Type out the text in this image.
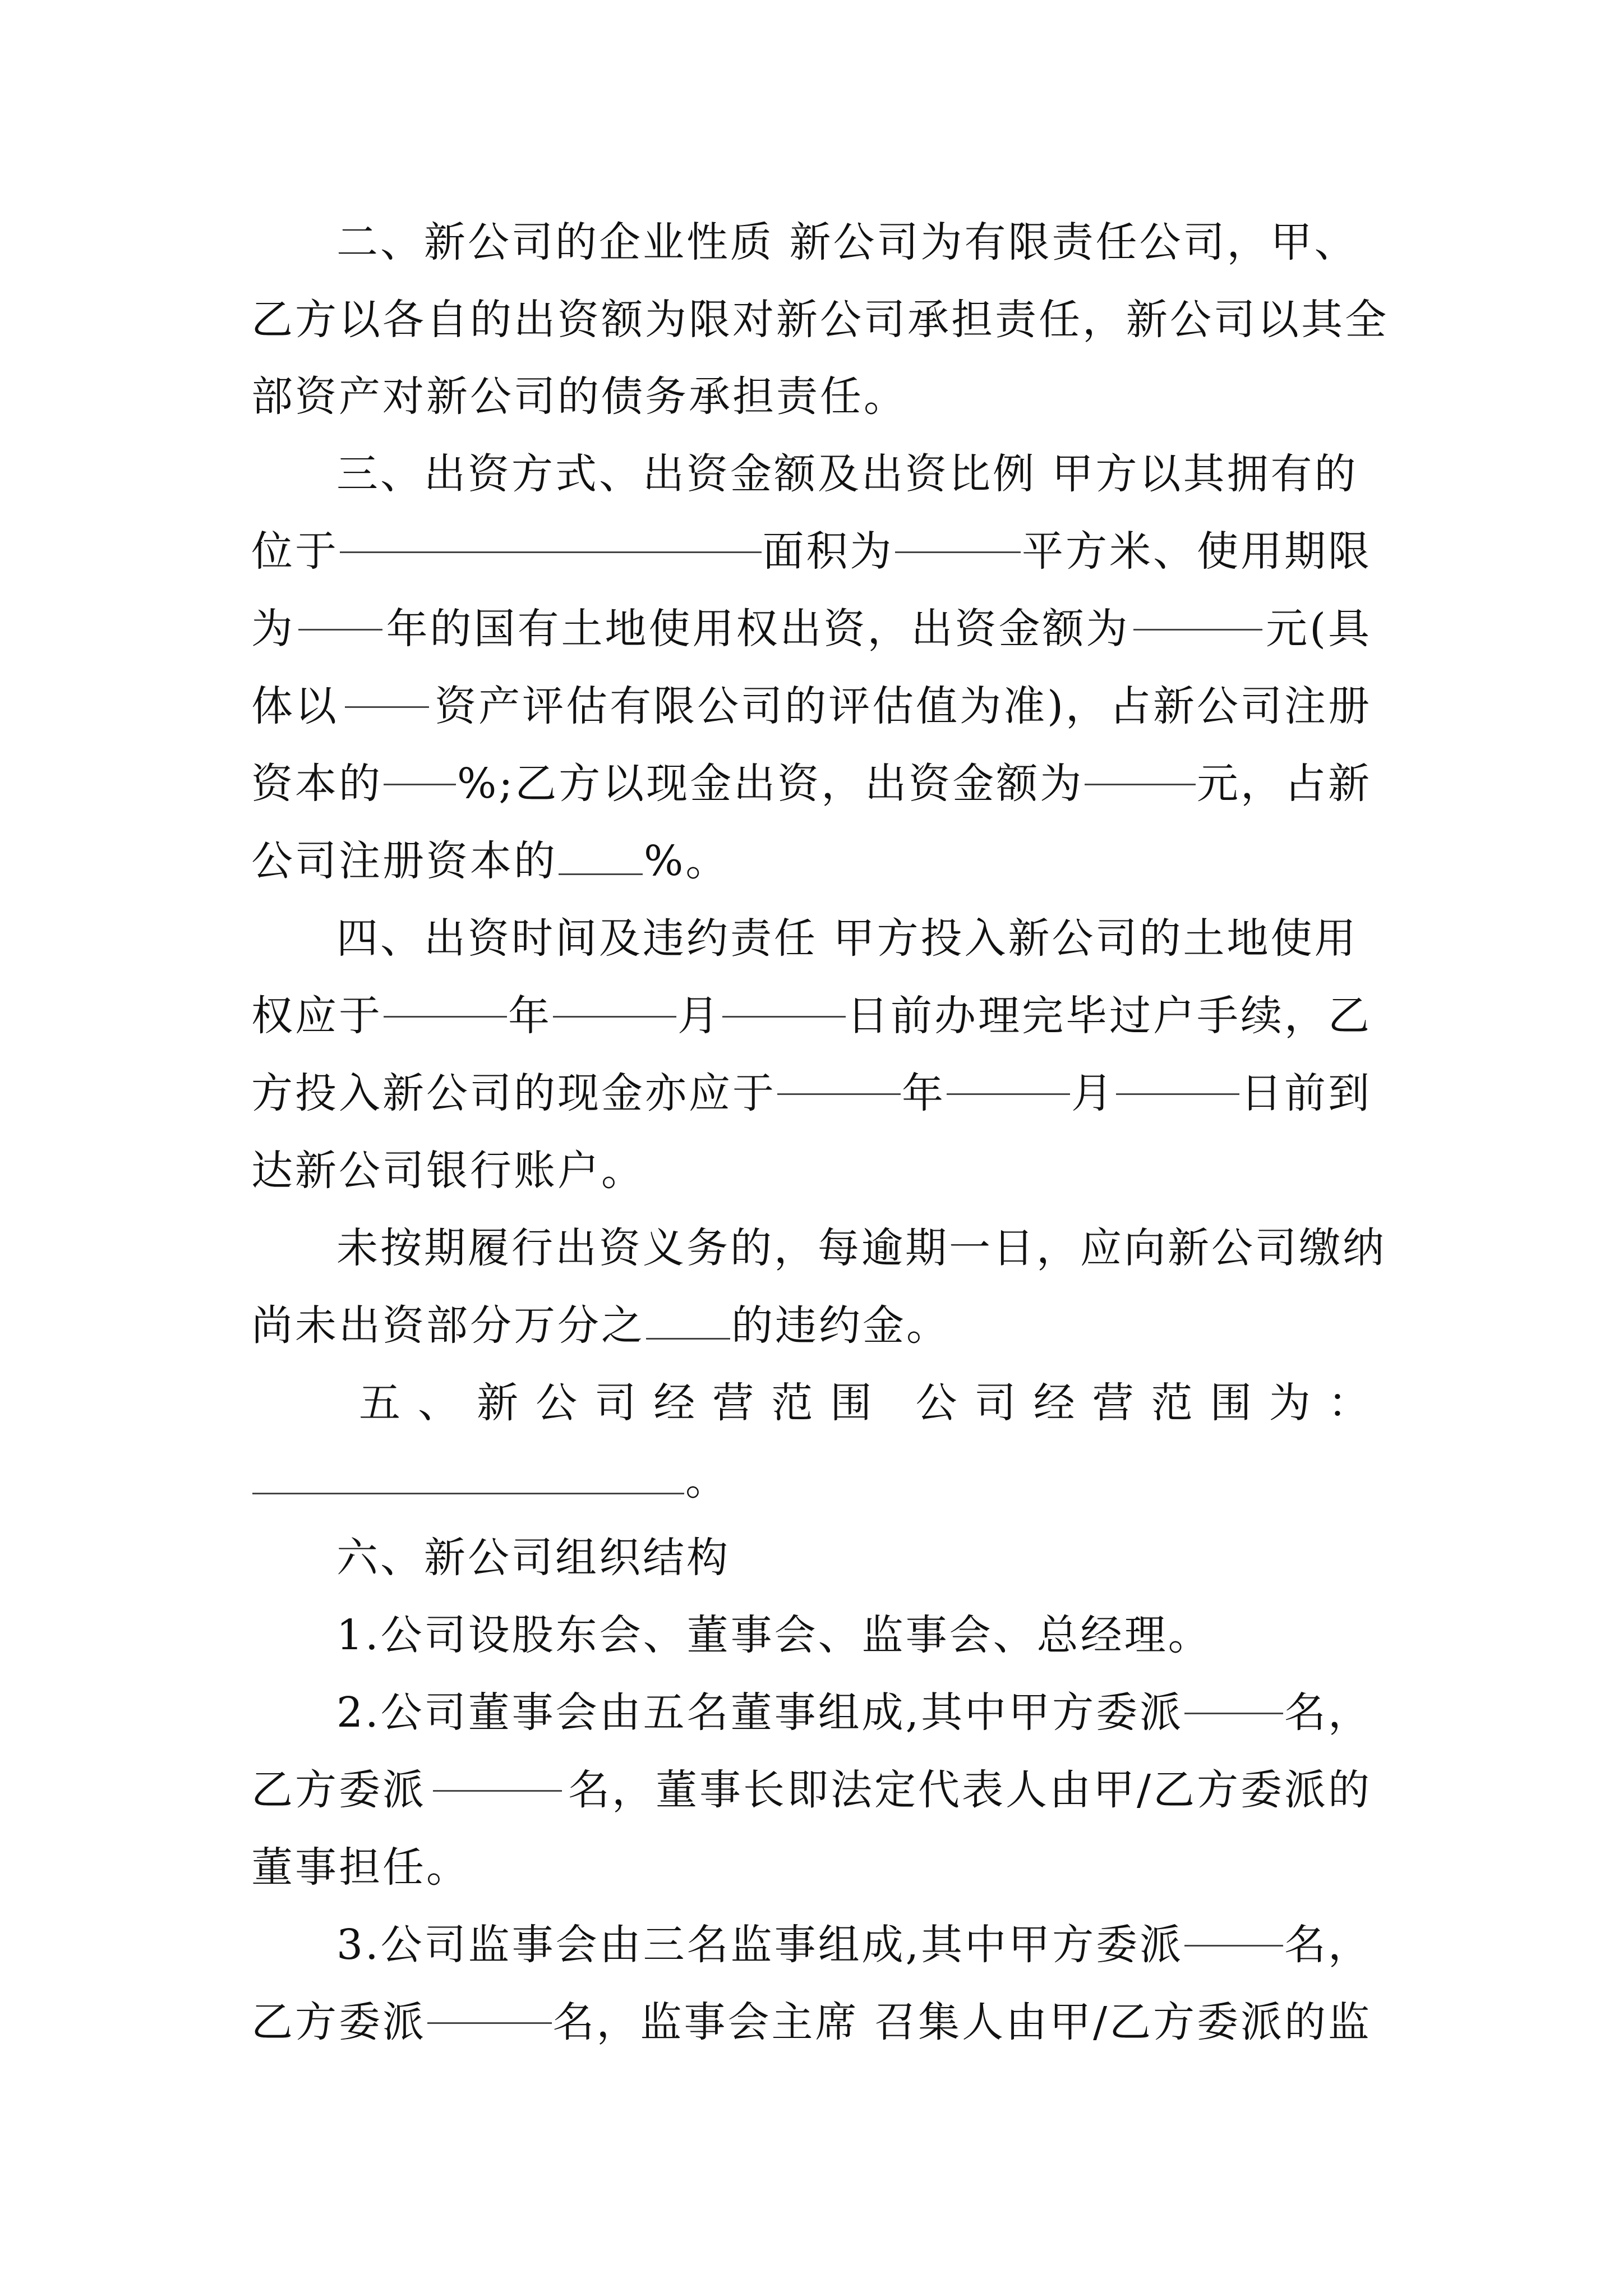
二、新公司的企业性质 新公司为有限责任公司，甲、
乙方以各自的出资额为限对新公司承担责任，新公司以其全
部资产对新公司的债务承担责任。
三、出资方式、出资金额及出资比例 甲方以其拥有的
位于	面积为	平方米、使用期限
为 年的国有土地使用权出资，出资金额为	元(具
体以 资产评估有限公司的评估值为准)，占新公司注册
资本的 %;乙方以现金出资，出资金额为	元，占新
公司注册资本的 %。
四、出资时间及违约责任 甲方投入新公司的土地使用
权应于	年	月	日前办理完毕过户手续，乙
方投入新公司的现金亦应于	年	月	日前到
达新公司银行账户。
未按期履行出资义务的，每逾期一日，应向新公司缴纳
尚未出资部分万分之 的违约金。
五 、 新 公 司 经 营 范 围 公 司 经 营 范 围 为 ：
。
六、新公司组织结构
1.公司设股东会、董事会、监事会、总经理。
2.公司董事会由五名董事组成,其中甲方委派 名，
乙方委派	名，董事长即法定代表人由甲/乙方委派的
董事担任。
3.公司监事会由三名监事组成,其中甲方委派 名，
乙方委派	名，监事会主席 召集人由甲/乙方委派的监
